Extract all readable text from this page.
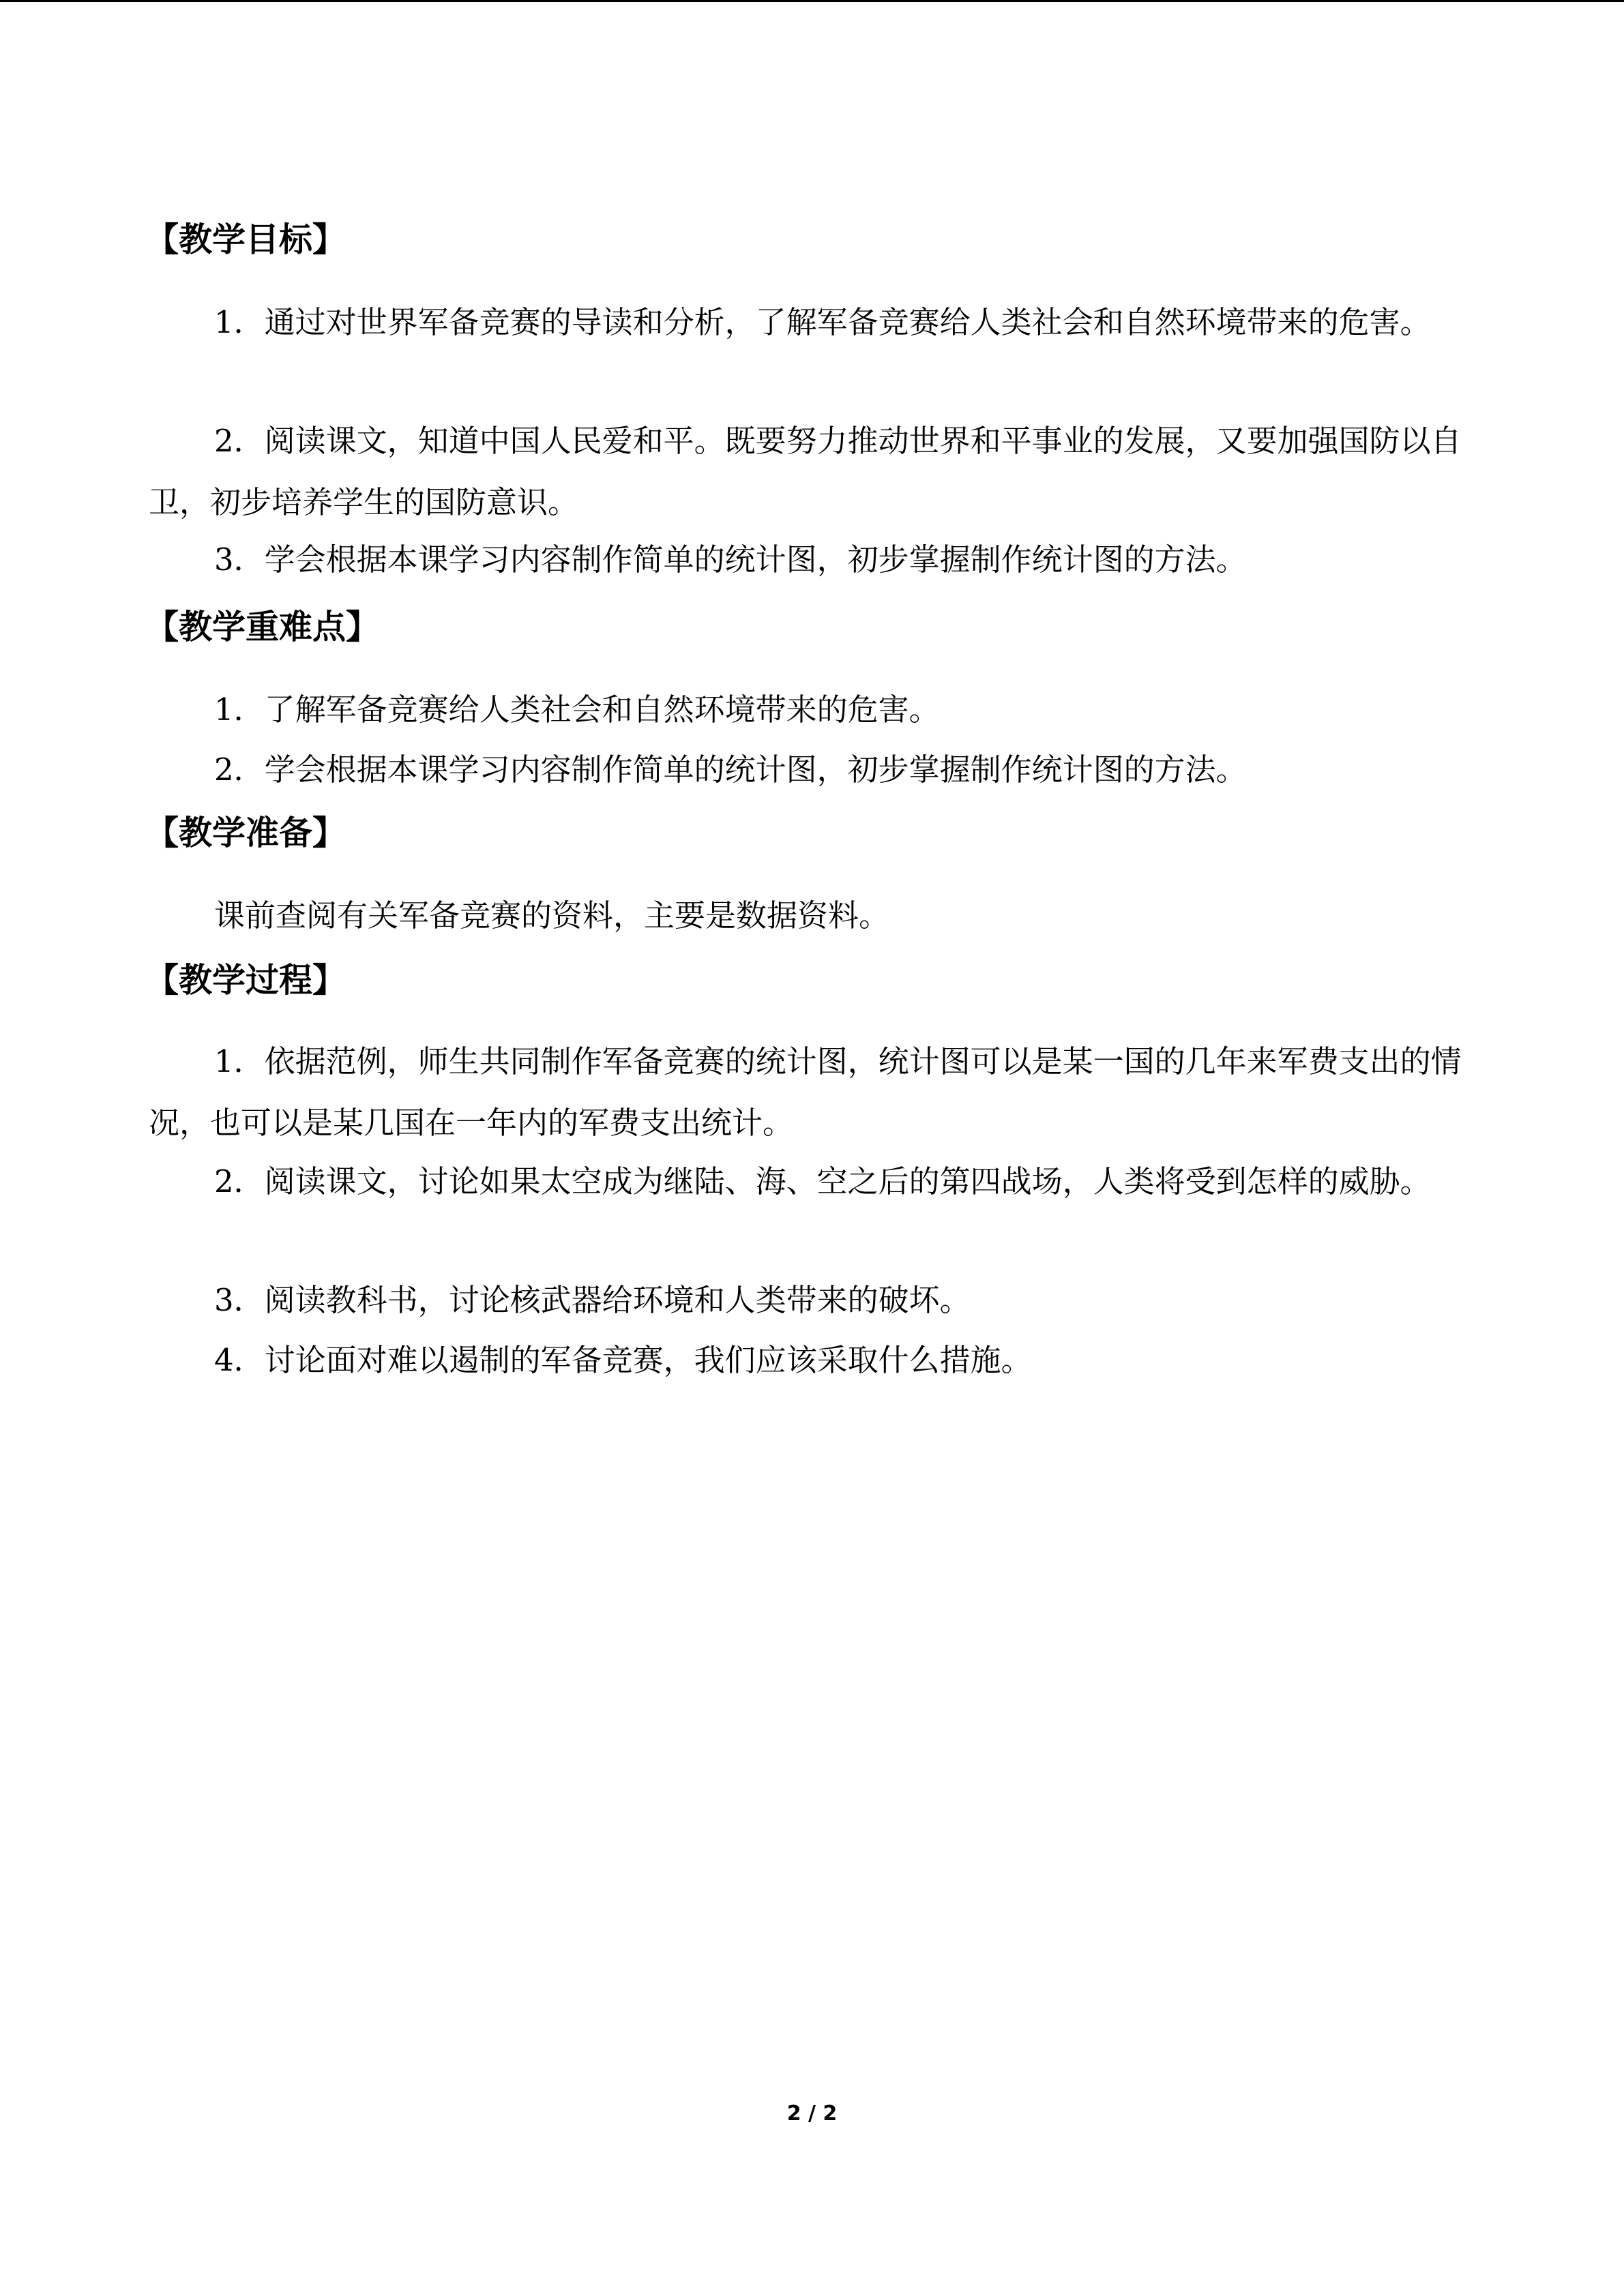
【教学目标】

1．通过对世界军备竞赛的导读和分析，了解军备竞赛给人类社会和自然环境带来的危害。

2．阅读课文，知道中国人民爱和平。既要努力推动世界和平事业的发展，又要加强国防以自卫，初步培养学生的国防意识。

3．学会根据本课学习内容制作简单的统计图，初步掌握制作统计图的方法。

【教学重难点】

1．了解军备竞赛给人类社会和自然环境带来的危害。

2．学会根据本课学习内容制作简单的统计图，初步掌握制作统计图的方法。

【教学准备】

课前查阅有关军备竞赛的资料，主要是数据资料。

【教学过程】

1．依据范例，师生共同制作军备竞赛的统计图，统计图可以是某一国的几年来军费支出的情况，也可以是某几国在一年内的军费支出统计。

2．阅读课文，讨论如果太空成为继陆、海、空之后的第四战场，人类将受到怎样的威胁。

3．阅读教科书，讨论核武器给环境和人类带来的破坏。

4．讨论面对难以遏制的军备竞赛，我们应该采取什么措施。

2 / 2
